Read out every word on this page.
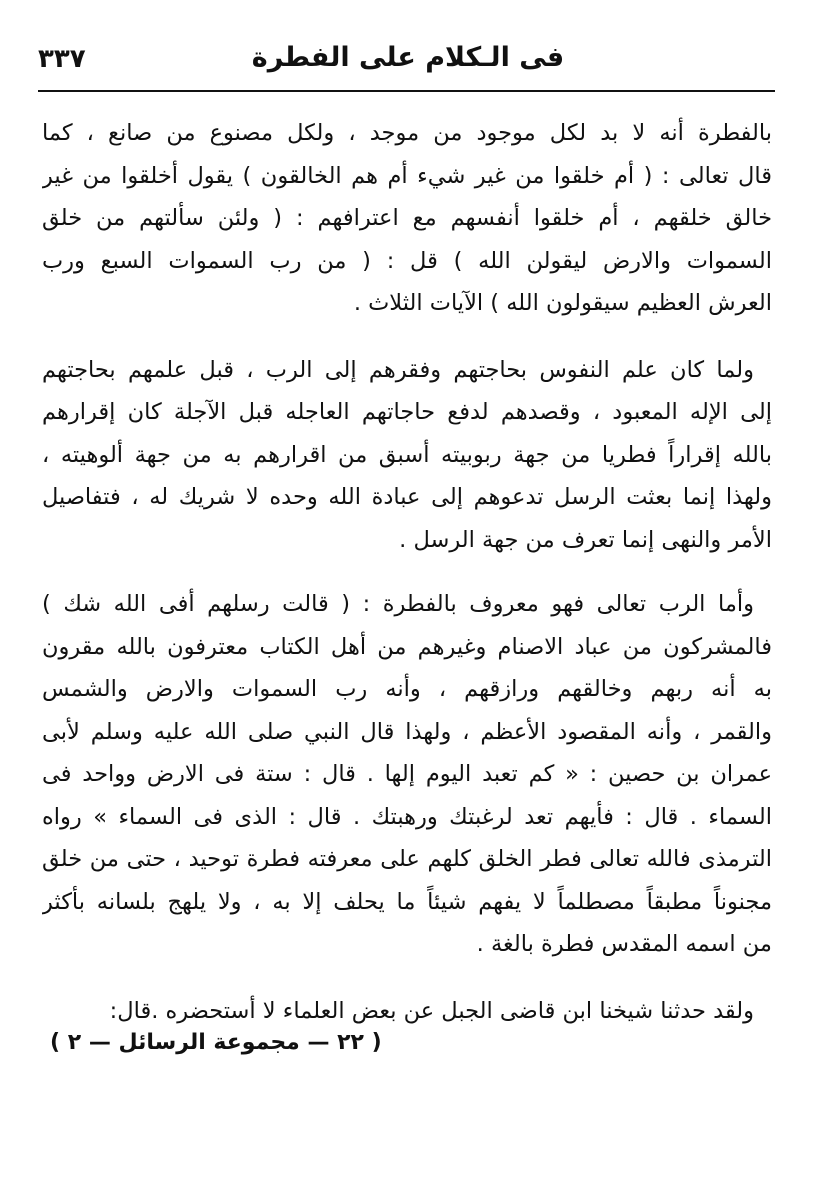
٣٣٧	فى الـكلام على الفطرة
بالفطرة أنه لا بد لكل موجود من موجد ، ولكل مصنوع من صانع ، كما
قال تعالى : ( أم خلقوا من غير شيء أم هم الخالقون ) يقول أخلقوا من غير
خالق خلقهم ، أم خلقوا أنفسهم مع اعترافهم : ( ولئن سألتهم من خلق
السموات والارض ليقولن الله ) قل : ( من رب السموات السبع ورب
العرش العظيم سيقولون الله ) الآيات الثلاث .
ولما كان علم النفوس بحاجتهم وفقرهم إلى الرب ، قبل علمهم بحاجتهم
إلى الإله المعبود ، وقصدهم لدفع حاجاتهم العاجله قبل الآجلة كان إقرارهم
بالله إقراراً فطريا من جهة ربوبيته أسبق من اقرارهم به من جهة ألوهيته ،
ولهذا إنما بعثت الرسل تدعوهم إلى عبادة الله وحده لا شريك له ، فتفاصيل
الأمر والنهى إنما تعرف من جهة الرسل .
وأما الرب تعالى فهو معروف بالفطرة : ( قالت رسلهم أفى الله شك )
فالمشركون من عباد الاصنام وغيرهم من أهل الكتاب معترفون بالله مقرون
به أنه ربهم وخالقهم ورازقهم ، وأنه رب السموات والارض والشمس
والقمر ، وأنه المقصود الأعظم ، ولهذا قال النبي صلى الله عليه وسلم لأبى
عمران بن حصين : « كم تعبد اليوم إلها . قال : ستة فى الارض وواحد فى
السماء . قال : فأيهم تعد لرغبتك ورهبتك . قال : الذى فى السماء » رواه
الترمذى فالله تعالى فطر الخلق كلهم على معرفته فطرة توحيد ، حتى من خلق
مجنوناً مطبقاً مصطلماً لا يفهم شيئاً ما يحلف إلا به ، ولا يلهج بلسانه بأكثر
من اسمه المقدس فطرة بالغة .
ولقد حدثنا شيخنا ابن قاضى الجبل عن بعض العلماء لا أستحضره .قال:
( ٢٢ — مجموعة الرسائل — ٢ )
